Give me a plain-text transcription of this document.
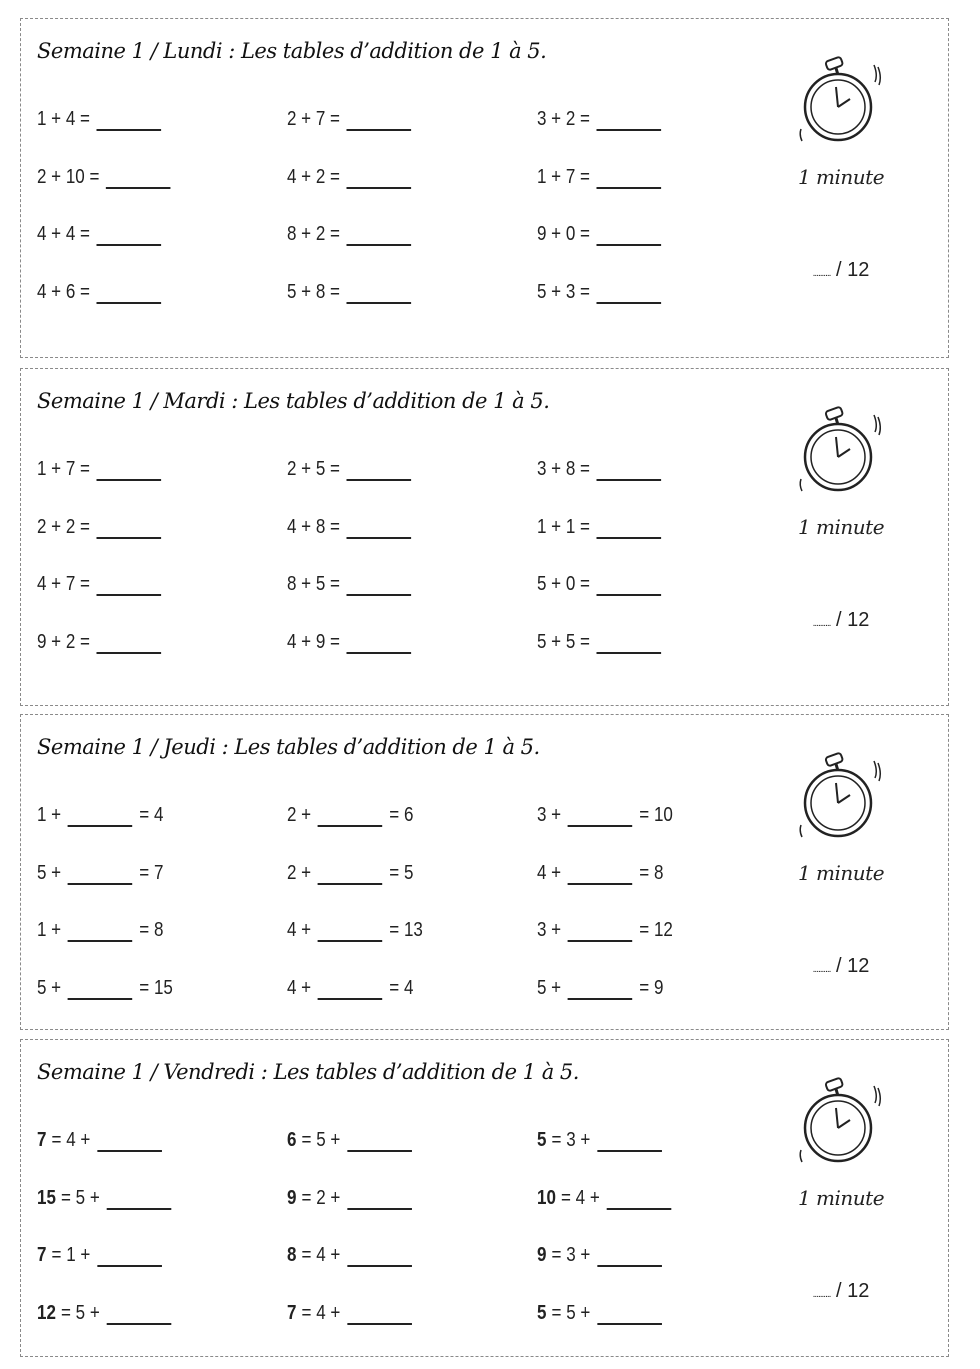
Semaine 1 / Lundi : Les tables d’addition de 1 à 5.
1 + 4 =	2 + 7 =	3 + 2 =
2 + 10 =	4 + 2 =	1 + 7 =
4 + 4 =	8 + 2 =	9 + 0 =
4 + 6 =	5 + 8 =	5 + 3 =
1 minute
.......... / 12
Semaine 1 / Mardi : Les tables d’addition de 1 à 5.
1 + 7 =	2 + 5 =	3 + 8 =
2 + 2 =	4 + 8 =	1 + 1 =
4 + 7 =	8 + 5 =	5 + 0 =
9 + 2 =	4 + 9 =	5 + 5 =
1 minute
.......... / 12
Semaine 1 / Jeudi : Les tables d’addition de 1 à 5.
1 +	= 4	2 +	= 6	3 +	= 10
5 +	= 7	2 +	= 5	4 +	= 8
1 +	= 8	4 +	= 13	3 +	= 12
5 +	= 15	4 +	= 4	5 +	= 9
1 minute
.......... / 12
Semaine 1 / Vendredi : Les tables d’addition de 1 à 5.
7 = 4 +	6 = 5 +	5 = 3 +
15 = 5 +	9 = 2 +	10 = 4 +
7 = 1 +	8 = 4 +	9 = 3 +
12 = 5 +	7 = 4 +	5 = 5 +
1 minute
.......... / 12
